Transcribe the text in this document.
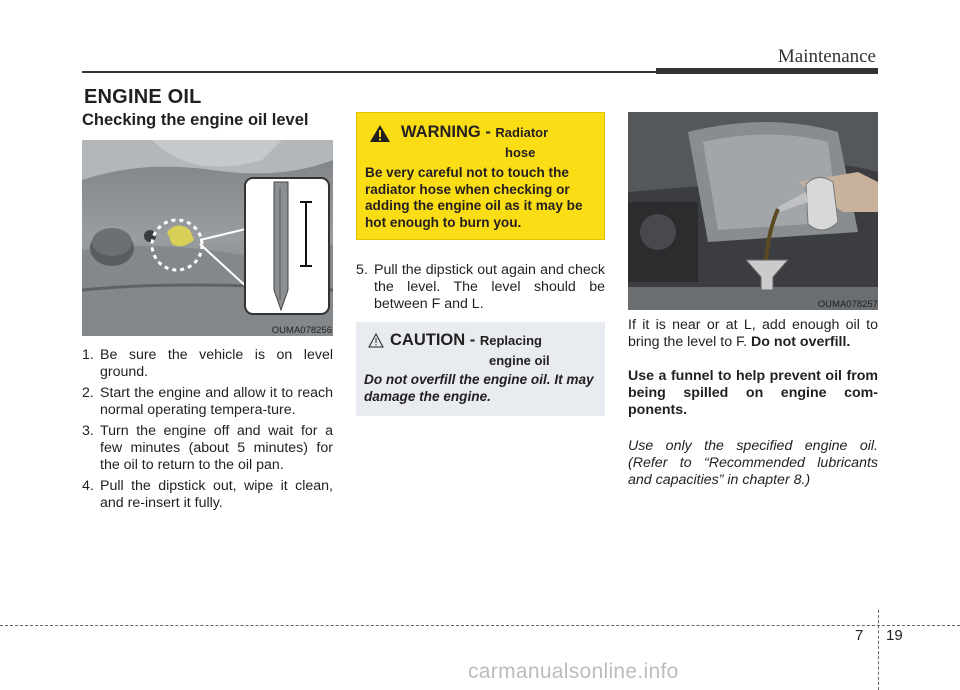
Maintenance
ENGINE OIL
Checking the engine oil level
OUMA078256
1. Be sure the vehicle is on level ground.
2. Start the engine and allow it to reach normal operating tempera-ture.
3. Turn the engine off and wait for a few minutes (about 5 minutes) for the oil to return to the oil pan.
4. Pull the dipstick out, wipe it clean, and re-insert it fully.
WARNING - Radiator
hose
Be very careful not to touch the radiator hose when checking or adding the engine oil as it may be hot enough to burn you.
5. Pull the dipstick out again and check the level. The level should be between F and L.
CAUTION - Replacing
engine oil
Do not overfill the engine oil. It may damage the engine.
OUMA078257
If it is near or at L, add enough oil to bring the level to F. Do not overfill.
Use a funnel to help prevent oil from being spilled on engine com-ponents.
Use only the specified engine oil. (Refer to “Recommended lubricants and capacities” in chapter 8.)
7 19
carmanualsonline.info
